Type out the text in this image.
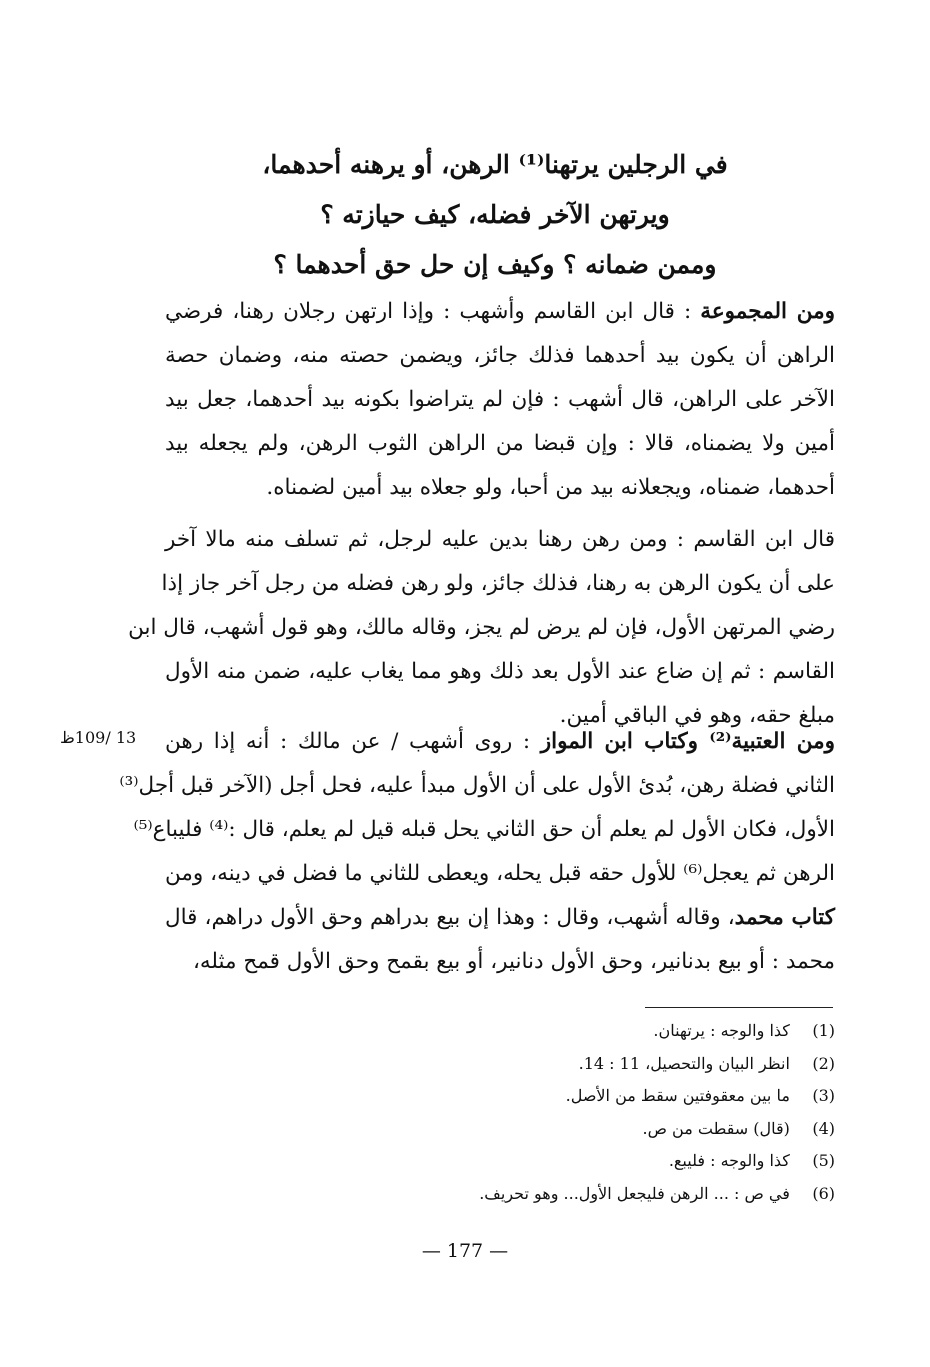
في الرجلين يرتهنا⁽¹⁾ الرهن، أو يرهنه أحدهما،
ويرتهن الآخر فضله، كيف حيازته ؟
وممن ضمانه ؟ وكيف إن حل حق أحدهما ؟
ومن المجموعة : قال ابن القاسم وأشهب : وإذا ارتهن رجلان رهنا، فرضي
الراهن أن يكون بيد أحدهما فذلك جائز، ويضمن حصته منه، وضمان حصة
الآخر على الراهن، قال أشهب : فإن لم يتراضوا بكونه بيد أحدهما، جعل بيد
أمين ولا يضمناه، قالا : وإن قبضا من الراهن الثوب الرهن، ولم يجعله بيد
أحدهما، ضمناه، ويجعلانه بيد من أحبا، ولو جعلاه بيد أمين لضمناه.
قال ابن القاسم : ومن رهن رهنا بدين عليه لرجل، ثم تسلف منه مالا آخر
على أن يكون الرهن به رهنا، فذلك جائز، ولو رهن فضله من رجل آخر جاز إذا
رضي المرتهن الأول، فإن لم يرض لم يجز، وقاله مالك، وهو قول أشهب، قال ابن
القاسم : ثم إن ضاع عند الأول بعد ذلك وهو مما يغاب عليه، ضمن منه الأول
مبلغ حقه، وهو في الباقي أمين.
13 /109ظ	ومن العتبية⁽²⁾ وكتاب ابن المواز : روى أشهب / عن مالك : أنه إذا رهن
الثاني فضلة رهن، بُدئ الأول على أن الأول مبدأ عليه، فحل أجل (الآخر قبل أجل⁽³⁾
الأول، فكان الأول لم يعلم أن حق الثاني يحل قبله قيل لم يعلم، قال :⁽⁴⁾ فليباع⁽⁵⁾
الرهن ثم يعجل⁽⁶⁾ للأول حقه قبل يحله، ويعطى للثاني ما فضل في دينه، ومن
كتاب محمد، وقاله أشهب، وقال : وهذا إن بيع بدراهم وحق الأول دراهم، قال
محمد : أو بيع بدنانير، وحق الأول دنانير، أو بيع بقمح وحق الأول قمح مثله،
(1) كذا والوجه : يرتهنان.
(2) انظر البيان والتحصيل، 11 : 14.
(3) ما بين معقوفتين سقط من الأصل.
(4) (قال) سقطت من ص.
(5) كذا والوجه : فليبع.
(6) في ص : ... الرهن فليجعل الأول... وهو تحريف.
— 177 —
